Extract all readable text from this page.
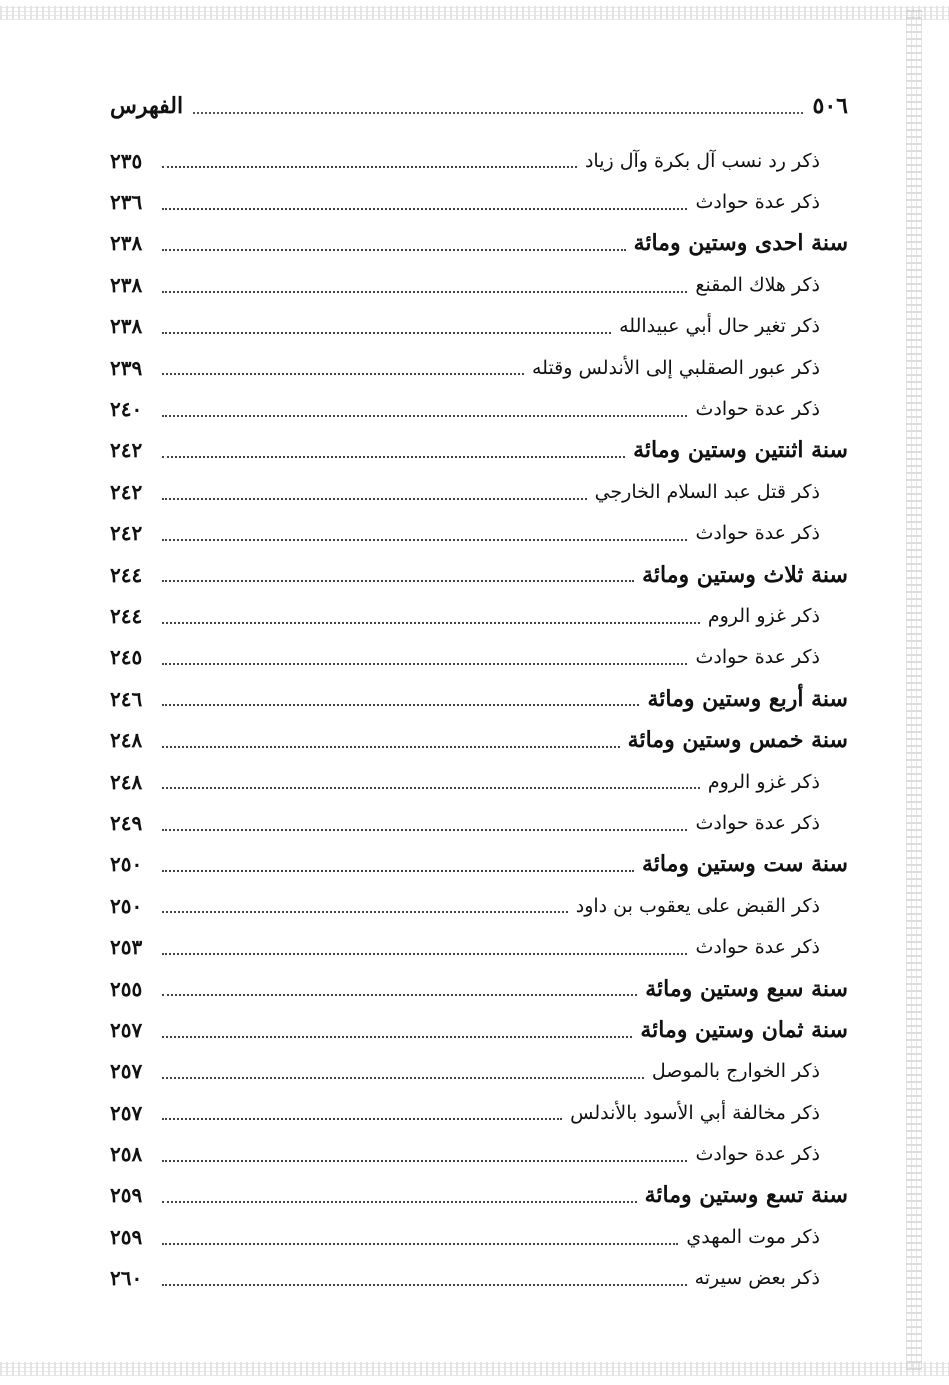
٥٠٦
الفهرس
ذكر رد نسب آل بكرة وآل زياد
٢٣٥
ذكر عدة حوادث
٢٣٦
سنة احدى وستين ومائة
٢٣٨
ذكر هلاك المقنع
٢٣٨
ذكر تغير حال أبي عبيدالله
٢٣٨
ذكر عبور الصقلبي إلى الأندلس وقتله
٢٣٩
ذكر عدة حوادث
٢٤٠
سنة اثنتين وستين ومائة
٢٤٢
ذكر قتل عبد السلام الخارجي
٢٤٢
ذكر عدة حوادث
٢٤٢
سنة ثلاث وستين ومائة
٢٤٤
ذكر غزو الروم
٢٤٤
ذكر عدة حوادث
٢٤٥
سنة أربع وستين ومائة
٢٤٦
سنة خمس وستين ومائة
٢٤٨
ذكر غزو الروم
٢٤٨
ذكر عدة حوادث
٢٤٩
سنة ست وستين ومائة
٢٥٠
ذكر القبض على يعقوب بن داود
٢٥٠
ذكر عدة حوادث
٢٥٣
سنة سبع وستين ومائة
٢٥٥
سنة ثمان وستين ومائة
٢٥٧
ذكر الخوارج بالموصل
٢٥٧
ذكر مخالفة أبي الأسود بالأندلس
٢٥٧
ذكر عدة حوادث
٢٥٨
سنة تسع وستين ومائة
٢٥٩
ذكر موت المهدي
٢٥٩
ذكر بعض سيرته
٢٦٠
